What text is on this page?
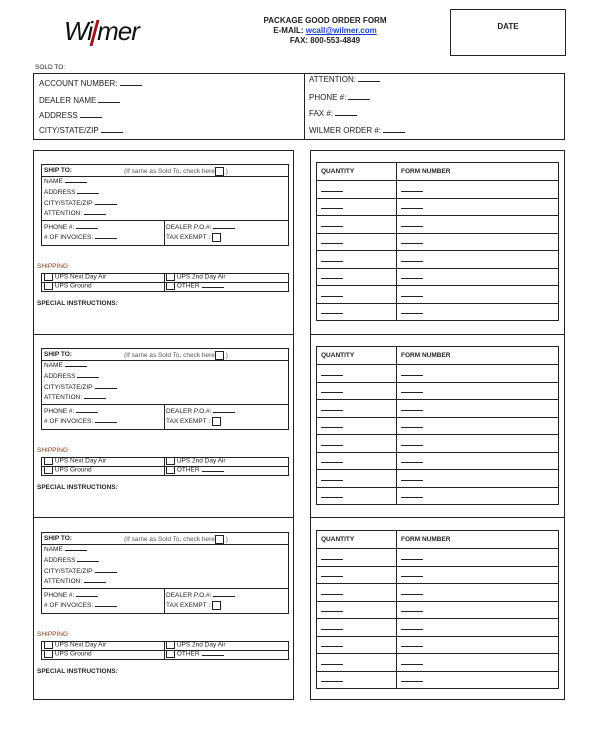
Wi mer	PACKAGE GOOD ORDER FORM
E-MAIL: wcall@wilmer.com
FAX: 800-553-4849
DATE
SOLD TO:
ACCOUNT NUMBER:
DEALER NAME
ADDRESS
CITY/STATE/ZIP
ATTENTION:
PHONE #:
FAX #:
WILMER ORDER #:
SHIP TO:	(If same as Sold To, check here )
NAME
ADDRESS
CITY/STATE/ZIP
ATTENTION:
PHONE #:
# OF INVOICES:
DEALER P.O.#:
TAX EXEMPT :
SHIPPING
UPS Next Day Air	UPS 2nd Day Air
UPS Ground	OTHER
SPECIAL INSTRUCTIONS:
QUANTITY	FORM NUMBER

SHIP TO:	(If same as Sold To, check here )
NAME
ADDRESS
CITY/STATE/ZIP
ATTENTION:
PHONE #:
# OF INVOICES:
DEALER P.O.#:
TAX EXEMPT :
SHIPPING
UPS Next Day Air	UPS 2nd Day Air
UPS Ground	OTHER
SPECIAL INSTRUCTIONS:
QUANTITY	FORM NUMBER

SHIP TO:	(If same as Sold To, check here )
NAME
ADDRESS
CITY/STATE/ZIP
ATTENTION:
PHONE #:
# OF INVOICES:
DEALER P.O.#:
TAX EXEMPT :
SHIPPING
UPS Next Day Air	UPS 2nd Day Air
UPS Ground	OTHER
SPECIAL INSTRUCTIONS:
QUANTITY	FORM NUMBER
